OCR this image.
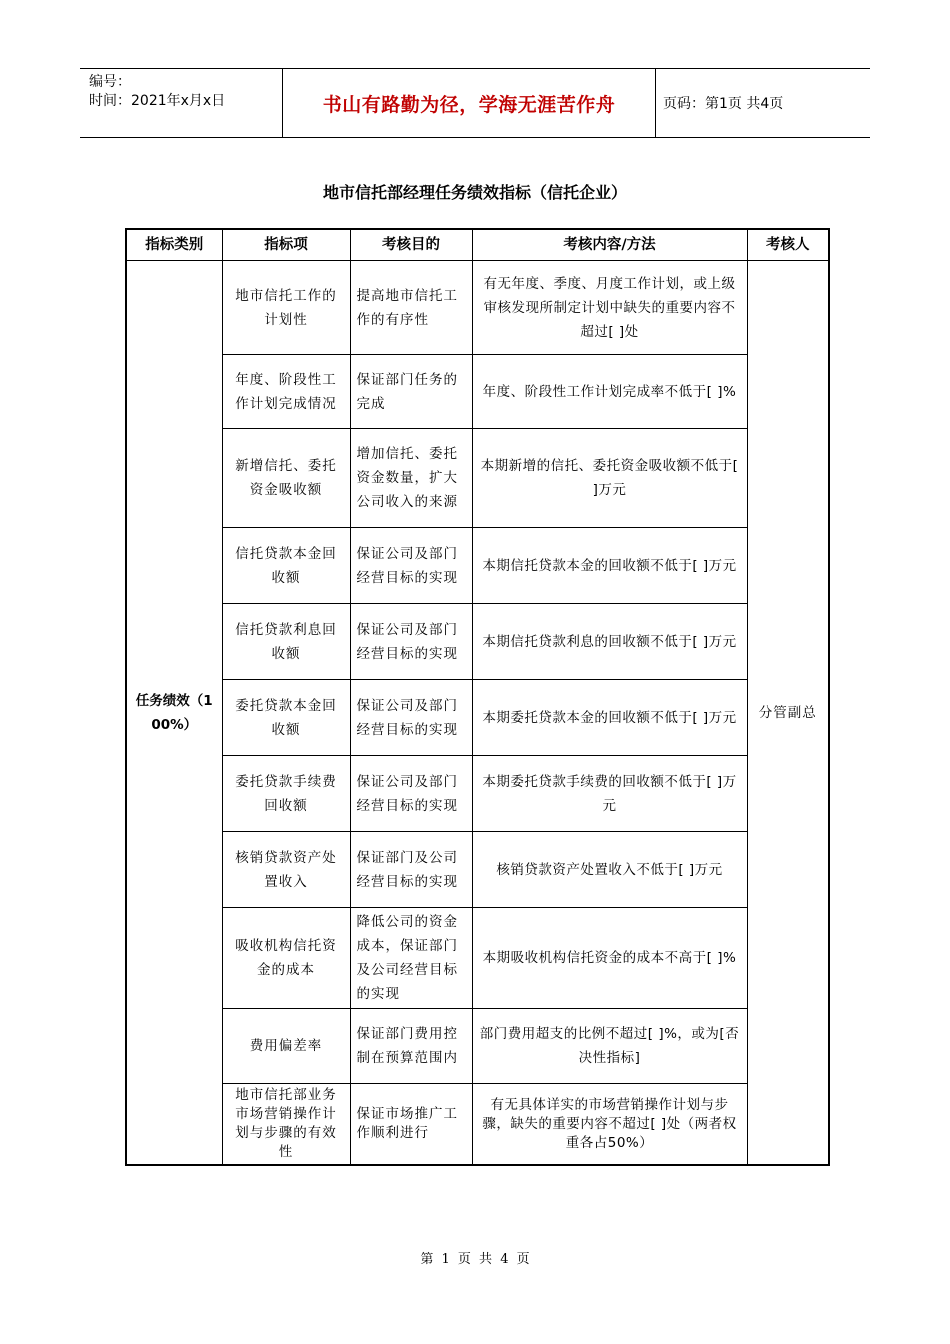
编号：
时间：2021年x月x日	书山有路勤为径，学海无涯苦作舟	页码：第1页 共4页
地市信托部经理任务绩效指标（信托企业）
指标类别	指标项	考核目的	考核内容/方法	考核人
任务绩效（100%）	地市信托工作的计划性	提高地市信托工作的有序性	有无年度、季度、月度工作计划，或上级审核发现所制定计划中缺失的重要内容不超过[ ]处	分管副总
	年度、阶段性工作计划完成情况	保证部门任务的完成	年度、阶段性工作计划完成率不低于[ ]%	
	新增信托、委托资金吸收额	增加信托、委托资金数量，扩大公司收入的来源	本期新增的信托、委托资金吸收额不低于[ ]万元	
	信托贷款本金回收额	保证公司及部门经营目标的实现	本期信托贷款本金的回收额不低于[ ]万元	
	信托贷款利息回收额	保证公司及部门经营目标的实现	本期信托贷款利息的回收额不低于[ ]万元	
	委托贷款本金回收额	保证公司及部门经营目标的实现	本期委托贷款本金的回收额不低于[ ]万元	
	委托贷款手续费回收额	保证公司及部门经营目标的实现	本期委托贷款手续费的回收额不低于[ ]万元	
	核销贷款资产处置收入	保证部门及公司经营目标的实现	核销贷款资产处置收入不低于[ ]万元	
	吸收机构信托资金的成本	降低公司的资金成本，保证部门及公司经营目标的实现	本期吸收机构信托资金的成本不高于[ ]%	
	费用偏差率	保证部门费用控制在预算范围内	部门费用超支的比例不超过[ ]%，或为[否决性指标]	
	地市信托部业务市场营销操作计划与步骤的有效性	保证市场推广工作顺利进行	有无具体详实的市场营销操作计划与步骤，缺失的重要内容不超过[ ]处（两者权重各占50%）	
第 1 页 共 4 页
